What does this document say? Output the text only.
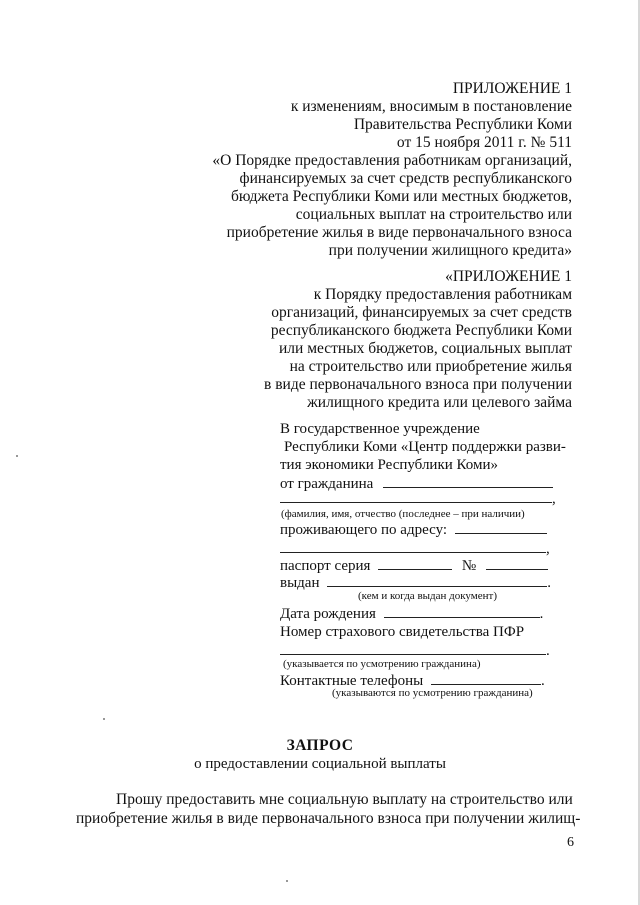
ПРИЛОЖЕНИЕ 1
к изменениям, вносимым в постановление
Правительства Республики Коми
от 15 ноября 2011 г. № 511
«О Порядке предоставления работникам организаций,
финансируемых за счет средств республиканского
бюджета Республики Коми или местных бюджетов,
социальных выплат на строительство или
приобретение жилья в виде первоначального взноса
при получении жилищного кредита»
«ПРИЛОЖЕНИЕ 1
к Порядку предоставления работникам
организаций, финансируемых за счет средств
республиканского бюджета Республики Коми
или местных бюджетов, социальных выплат
на строительство или приобретение жилья
в виде первоначального взноса при получении
жилищного кредита или целевого займа
В государственное учреждение
Республики Коми «Центр поддержки разви-
тия экономики Республики Коми»
от гражданина
,
(фамилия, имя, отчество (последнее – при наличии)
проживающего по адресу:
,
паспорт серия	№
выдан	.
(кем и когда выдан документ)
Дата рождения	.
Номер страхового свидетельства ПФР
.
(указывается по усмотрению гражданина)
Контактные телефоны	.
(указываются по усмотрению гражданина)
ЗАПРОС
о предоставлении социальной выплаты
Прошу предоставить мне социальную выплату на строительство или
приобретение жилья в виде первоначального взноса при получении жилищ-
6
